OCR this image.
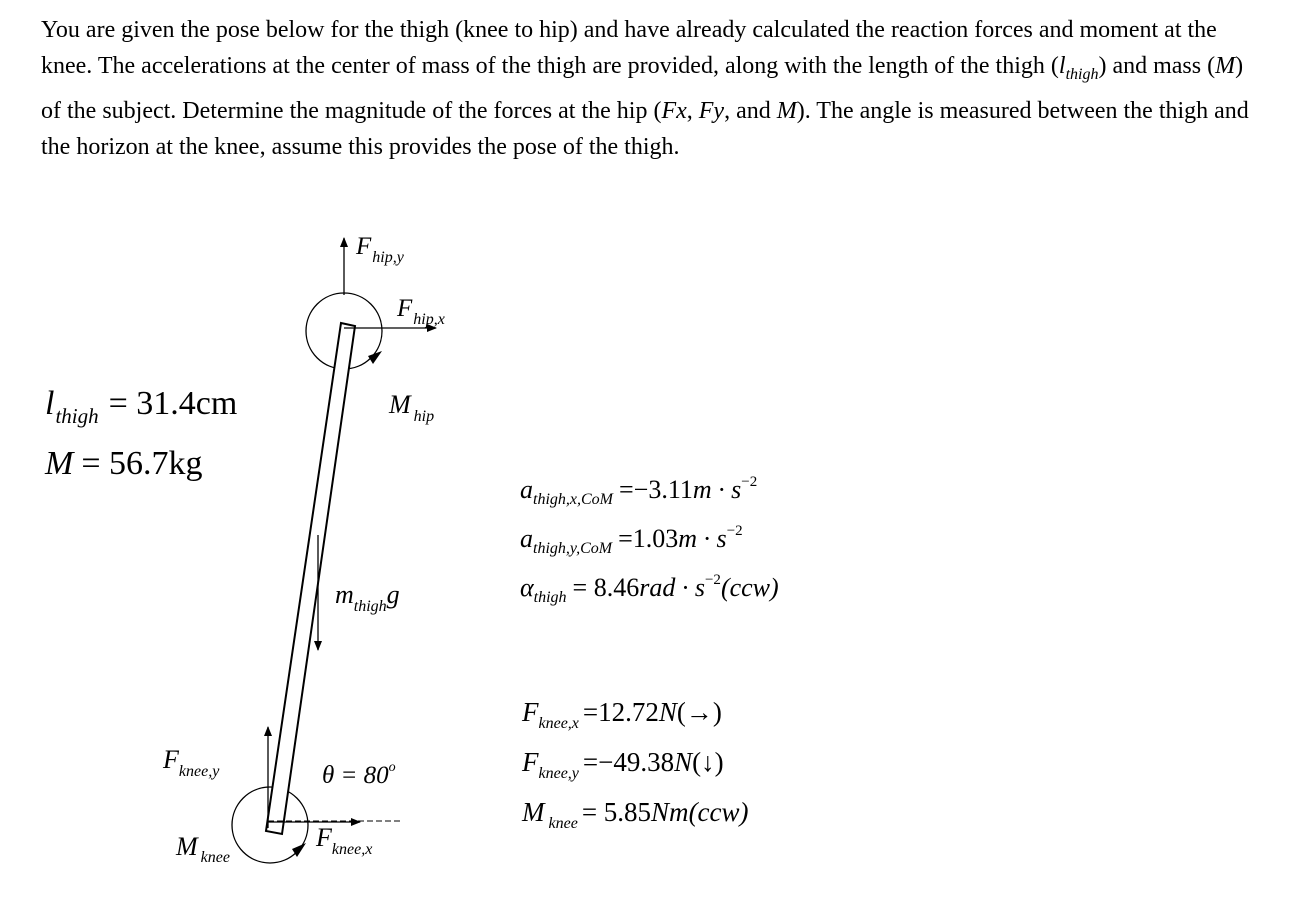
You are given the pose below for the thigh (knee to hip) and have already calculated the reaction forces and moment at the knee. The accelerations at the center of mass of the thigh are provided, along with the length of the thigh $(l_{thigh})$ and mass (M) of the subject. Determine the magnitude of the forces at the hip (Fx, Fy, and M). The angle is measured between the thigh and the horizon at the knee, assume this provides the pose of the thigh.

$F_{hip,y}$
$F_{hip,x}$
M $_{hip}$
$m_{thigh}g$
$F_{knee,y}$	$\theta = 80^o$
$F_{knee,x}$
M $_{knee}$
$l_{thigh} = 31.4cm$
M = 56.7kg
$a_{thigh,x,CoM} =-3.11m \cdot s^{-2}$
$a_{thigh,y,CoM} =1.03m \cdot s^{-2}$
$\alpha_{thigh} = 8.46rad \cdot s^{-2}(ccw)$
$F_{knee,x} =12.72N(\to)$
$F_{knee,y}$ =−49.38N(↓)
M $_{knee}$ = 5.85Nm(ccw)
